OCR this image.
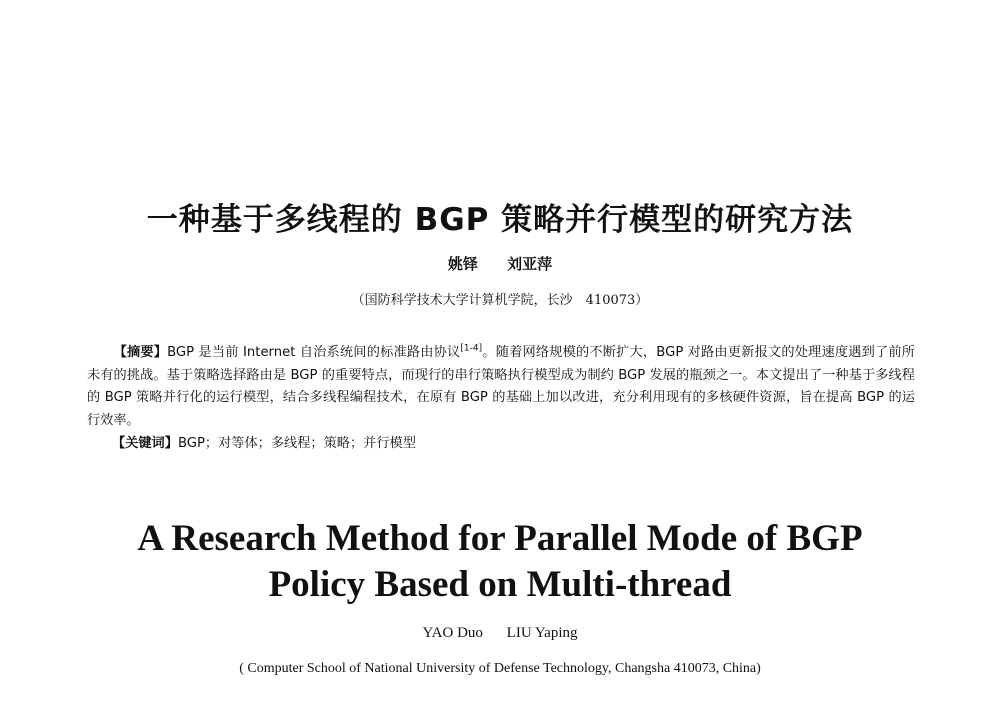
一种基于多线程的 BGP 策略并行模型的研究方法
姚铎 刘亚萍
（国防科学技术大学计算机学院，长沙　410073）
  【摘要】BGP 是当前 Internet 自治系统间的标准路由协议[1-4]。随着网络规模的不断扩大，BGP 对路由更新报文的处理速度遇到了前所未有的挑战。基于策略选择路由是 BGP 的重要特点，而现行的串行策略执行模型成为制约 BGP 发展的瓶颈之一。本文提出了一种基于多线程的 BGP 策略并行化的运行模型，结合多线程编程技术，在原有 BGP 的基础上加以改进，充分利用现有的多核硬件资源，旨在提高 BGP 的运行效率。
【关键词】BGP；对等体；多线程；策略；并行模型
A Research Method for Parallel Mode of BGP
Policy Based on Multi-thread
YAO Duo LIU Yaping
( Computer School of National University of Defense Technology, Changsha 410073, China)
